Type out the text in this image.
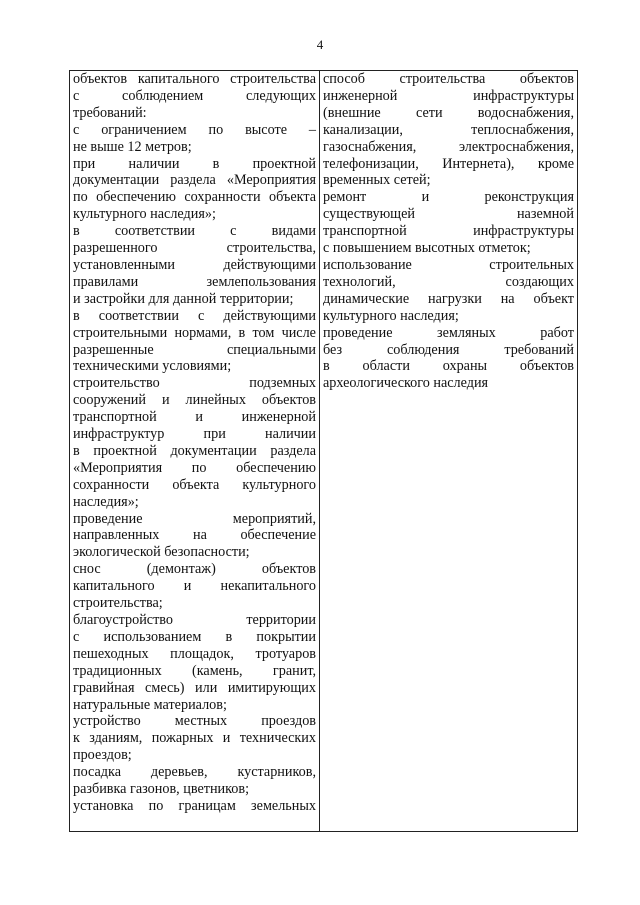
4
объектов капитального строительства
с соблюдением следующих
требований:
с ограничением по высоте –
не выше 12 метров;
при наличии в проектной
документации раздела «Мероприятия
по обеспечению сохранности объекта
культурного наследия»;
в соответствии с видами
разрешенного строительства,
установленными действующими
правилами землепользования
и застройки для данной территории;
в соответствии с действующими
строительными нормами, в том числе
разрешенные специальными
техническими условиями;
строительство подземных
сооружений и линейных объектов
транспортной и инженерной
инфраструктур при наличии
в проектной документации раздела
«Мероприятия по обеспечению
сохранности объекта культурного
наследия»;
проведение мероприятий,
направленных на обеспечение
экологической безопасности;
снос (демонтаж) объектов
капитального и некапитального
строительства;
благоустройство территории
с использованием в покрытии
пешеходных площадок, тротуаров
традиционных (камень, гранит,
гравийная смесь) или имитирующих
натуральные материалов;
устройство местных проездов
к зданиям, пожарных и технических
проездов;
посадка деревьев, кустарников,
разбивка газонов, цветников;
установка по границам земельных

способ строительства объектов
инженерной инфраструктуры
(внешние сети водоснабжения,
канализации, теплоснабжения,
газоснабжения, электроснабжения,
телефонизации, Интернета), кроме
временных сетей;
ремонт и реконструкция
существующей наземной
транспортной инфраструктуры
с повышением высотных отметок;
использование строительных
технологий, создающих
динамические нагрузки на объект
культурного наследия;
проведение земляных работ
без соблюдения требований
в области охраны объектов
археологического наследия
